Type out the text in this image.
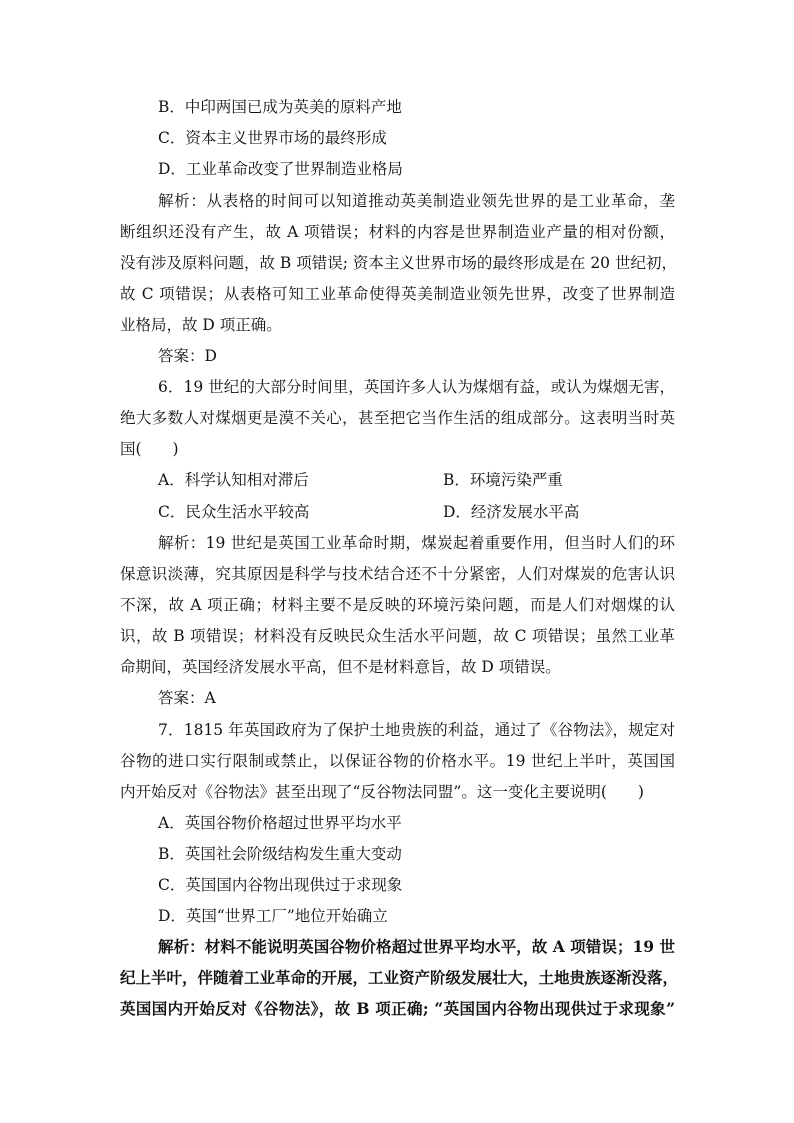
B．中印两国已成为英美的原料产地
C．资本主义世界市场的最终形成
D．工业革命改变了世界制造业格局
解析：从表格的时间可以知道推动英美制造业领先世界的是工业革命，垄
断组织还没有产生，故 A 项错误；材料的内容是世界制造业产量的相对份额，
没有涉及原料问题，故 B 项错误; 资本主义世界市场的最终形成是在 20 世纪初，
故 C 项错误；从表格可知工业革命使得英美制造业领先世界，改变了世界制造
业格局，故 D 项正确。
答案：D
6．19 世纪的大部分时间里，英国许多人认为煤烟有益，或认为煤烟无害，
绝大多数人对煤烟更是漠不关心，甚至把它当作生活的组成部分。这表明当时英
国(　　)
A．科学认知相对滞后	B．环境污染严重
C．民众生活水平较高	D．经济发展水平高
解析：19 世纪是英国工业革命时期，煤炭起着重要作用，但当时人们的环
保意识淡薄，究其原因是科学与技术结合还不十分紧密，人们对煤炭的危害认识
不深，故 A 项正确；材料主要不是反映的环境污染问题，而是人们对烟煤的认
识，故 B 项错误；材料没有反映民众生活水平问题，故 C 项错误；虽然工业革
命期间，英国经济发展水平高，但不是材料意旨，故 D 项错误。
答案：A
7．1815 年英国政府为了保护土地贵族的利益，通过了《谷物法》，规定对
谷物的进口实行限制或禁止，以保证谷物的价格水平。19 世纪上半叶，英国国
内开始反对《谷物法》甚至出现了“反谷物法同盟”。这一变化主要说明(　　)
A．英国谷物价格超过世界平均水平
B．英国社会阶级结构发生重大变动
C．英国国内谷物出现供过于求现象
D．英国“世界工厂”地位开始确立
解析：材料不能说明英国谷物价格超过世界平均水平，故 A 项错误；19 世
纪上半叶，伴随着工业革命的开展，工业资产阶级发展壮大，土地贵族逐渐没落，
英国国内开始反对《谷物法》，故 B 项正确; “英国国内谷物出现供过于求现象”
